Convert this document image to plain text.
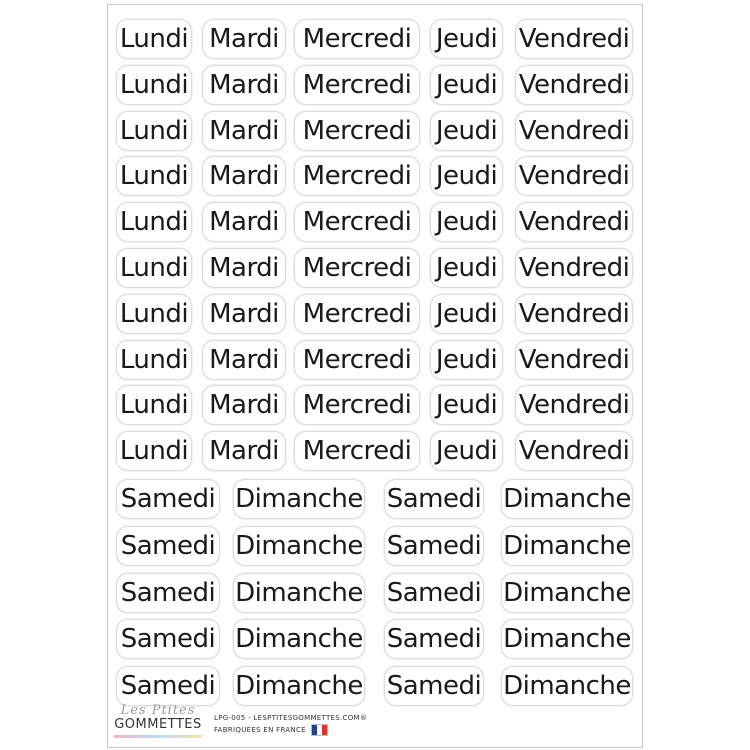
Lundi Mardi Mercredi Jeudi Vendredi
Lundi Mardi Mercredi Jeudi Vendredi
Lundi Mardi Mercredi Jeudi Vendredi
Lundi Mardi Mercredi Jeudi Vendredi
Lundi Mardi Mercredi Jeudi Vendredi
Lundi Mardi Mercredi Jeudi Vendredi
Lundi Mardi Mercredi Jeudi Vendredi
Lundi Mardi Mercredi Jeudi Vendredi
Lundi Mardi Mercredi Jeudi Vendredi
Lundi Mardi Mercredi Jeudi Vendredi
Samedi Dimanche Samedi Dimanche
Samedi Dimanche Samedi Dimanche
Samedi Dimanche Samedi Dimanche
Samedi Dimanche Samedi Dimanche
Samedi Dimanche Samedi Dimanche
Les Ptites
GOMMETTES	LPG-005 - LESPTITESGOMMETTES.COM®
FABRIQUÉES EN FRANCE
